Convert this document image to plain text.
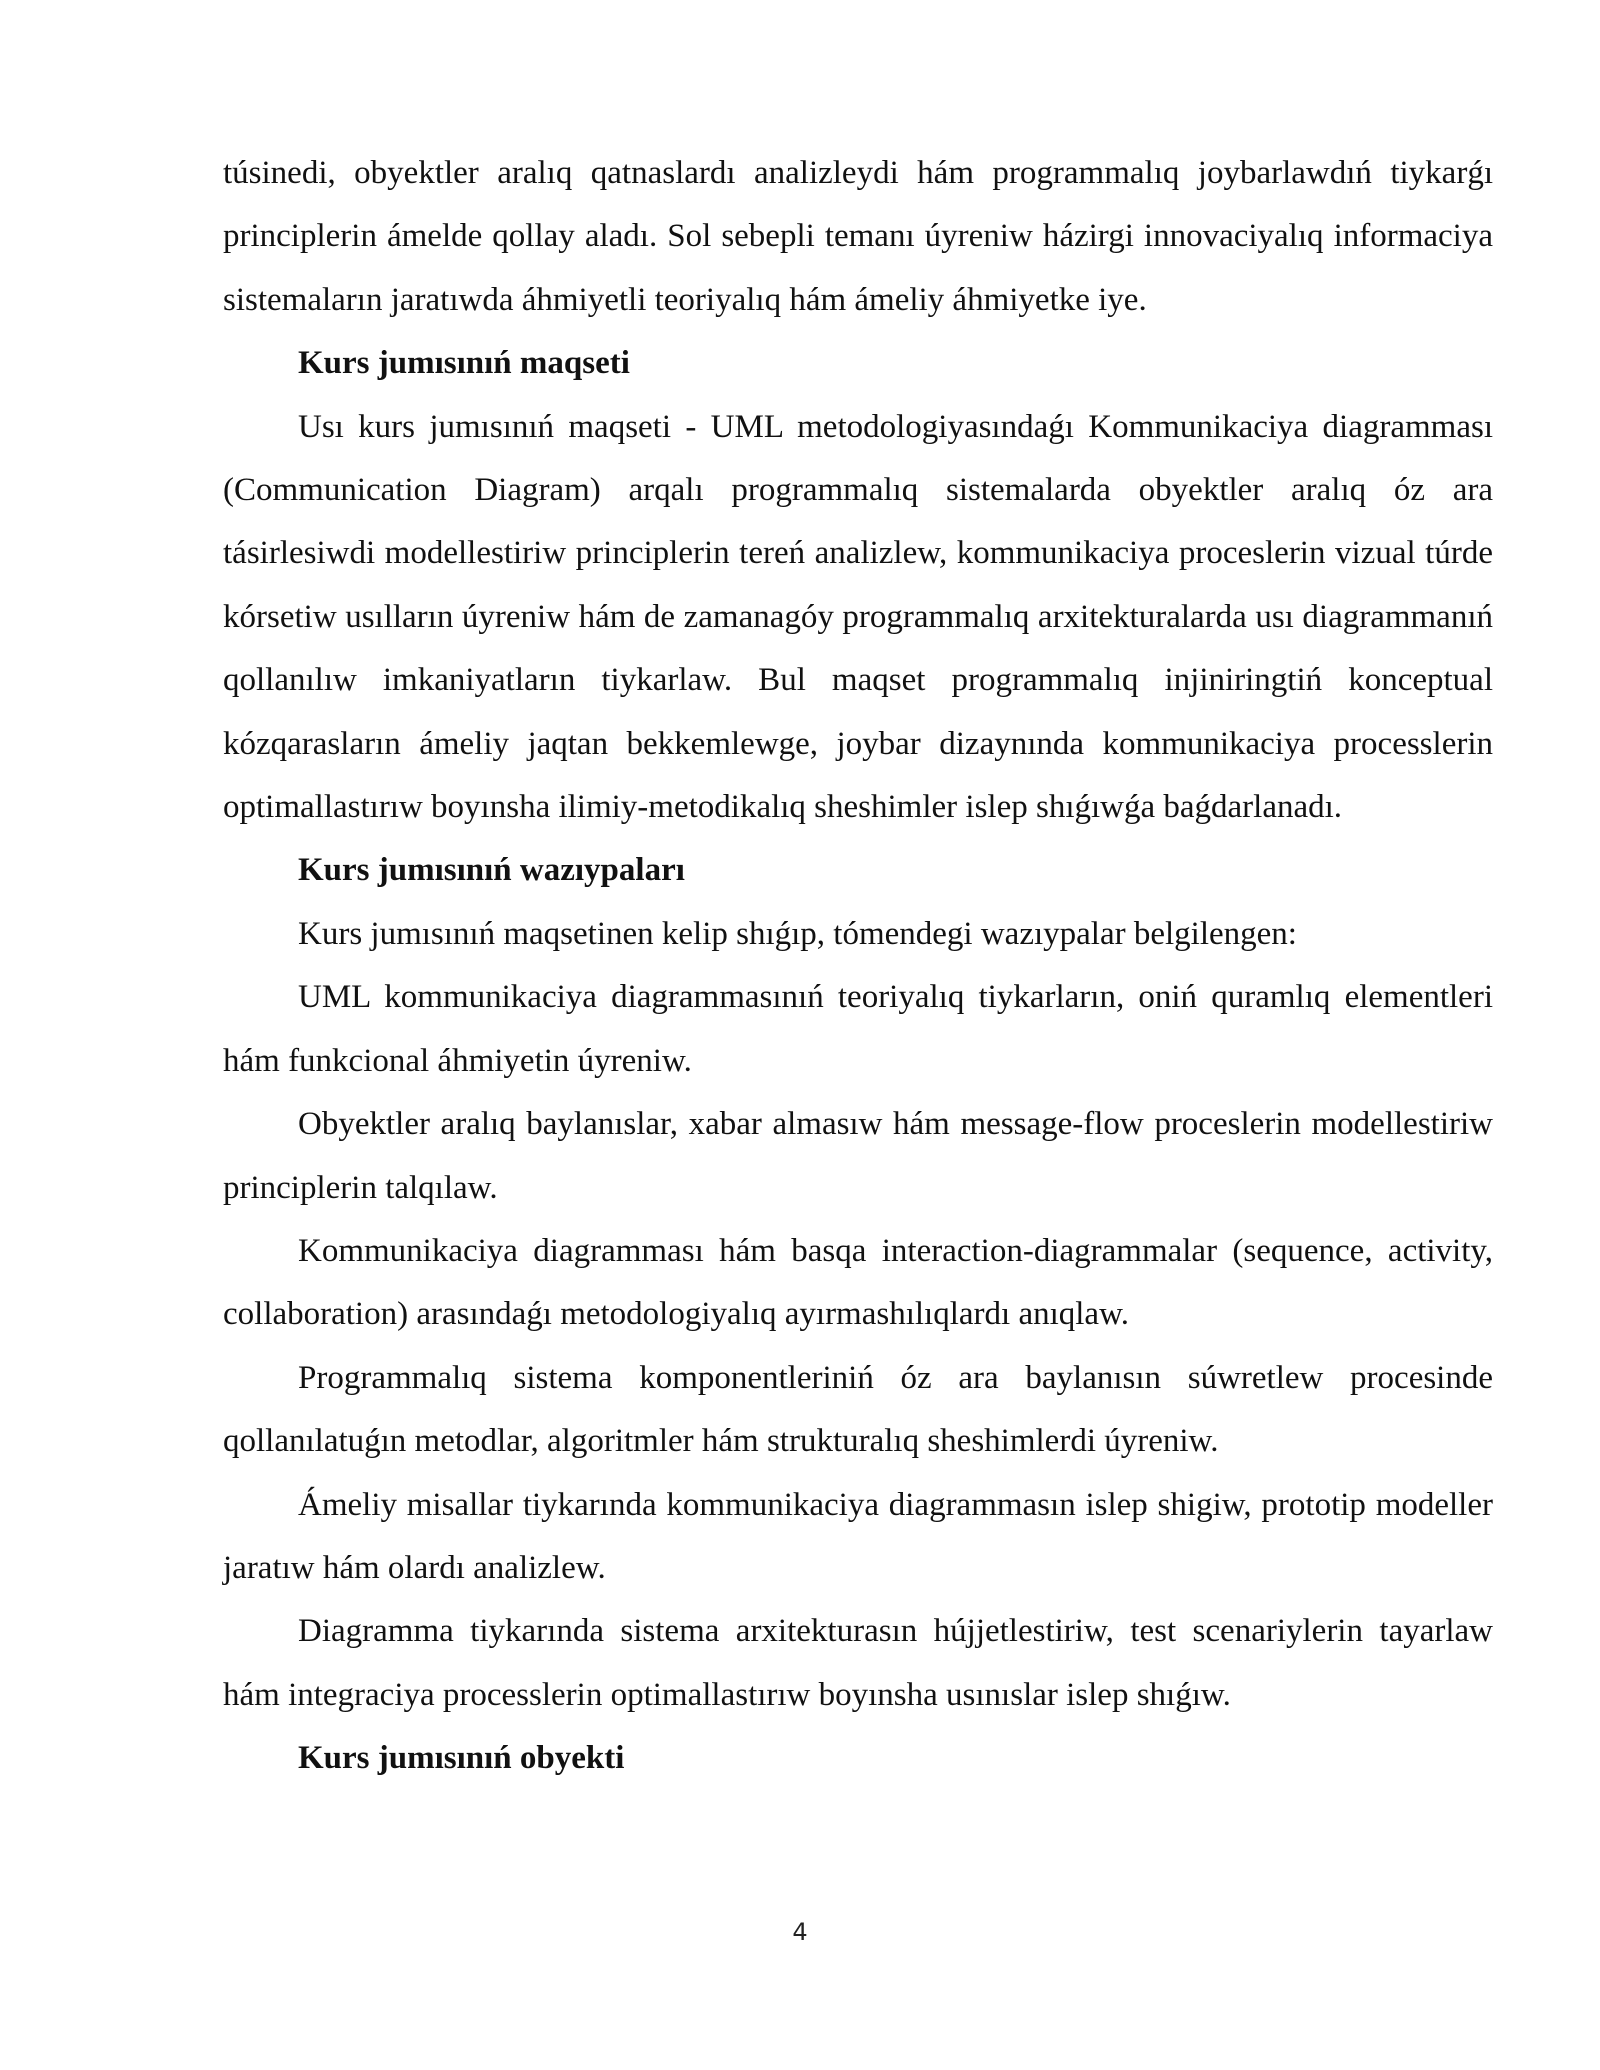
túsinedi, obyektler aralıq qatnaslardı analizleydi hám programmalıq joybarlawdıń tiykarǵı principlerin ámelde qollay aladı. Sol sebepli temanı úyreniw házirgi innovaciyalıq informaciya sistemaların jaratıwda áhmiyetli teoriyalıq hám ámeliy áhmiyetke iye.

Kurs jumısınıń maqseti

Usı kurs jumısınıń maqseti - UML metodologiyasındaǵı Kommunikaciya diagramması (Communication Diagram) arqalı programmalıq sistemalarda obyektler aralıq óz ara tásirlesiwdi modellestiriw principlerin tereń analizlew, kommunikaciya proceslerin vizual túrde kórsetiw usılların úyreniw hám de zamanagóy programmalıq arxitekturalarda usı diagrammanıń qollanılıw imkaniyatların tiykarlaw. Bul maqset programmalıq injiniringtiń konceptual kózqarasların ámeliy jaqtan bekkemlewge, joybar dizaynında kommunikaciya processlerin optimallastırıw boyınsha ilimiy-metodikalıq sheshimler islep shıǵıwǵa baǵdarlanadı.

Kurs jumısınıń wazıypaları

Kurs jumısınıń maqsetinen kelip shıǵıp, tómendegi wazıypalar belgilengen:

UML kommunikaciya diagrammasınıń teoriyalıq tiykarların, oniń quramlıq elementleri hám funkcional áhmiyetin úyreniw.

Obyektler aralıq baylanıslar, xabar almasıw hám message-flow proceslerin modellestiriw principlerin talqılaw.

Kommunikaciya diagramması hám basqa interaction-diagrammalar (sequence, activity, collaboration) arasındaǵı metodologiyalıq ayırmashılıqlardı anıqlaw.

Programmalıq sistema komponentleriniń óz ara baylanısın súwretlew procesinde qollanılatuǵın metodlar, algoritmler hám strukturalıq sheshimlerdi úyreniw.

Ámeliy misallar tiykarında kommunikaciya diagrammasın islep shigiw, prototip modeller jaratıw hám olardı analizlew.

Diagramma tiykarında sistema arxitekturasın hújjetlestiriw, test scenariylerin tayarlaw hám integraciya processlerin optimallastırıw boyınsha usınıslar islep shıǵıw.

Kurs jumısınıń obyekti
4
